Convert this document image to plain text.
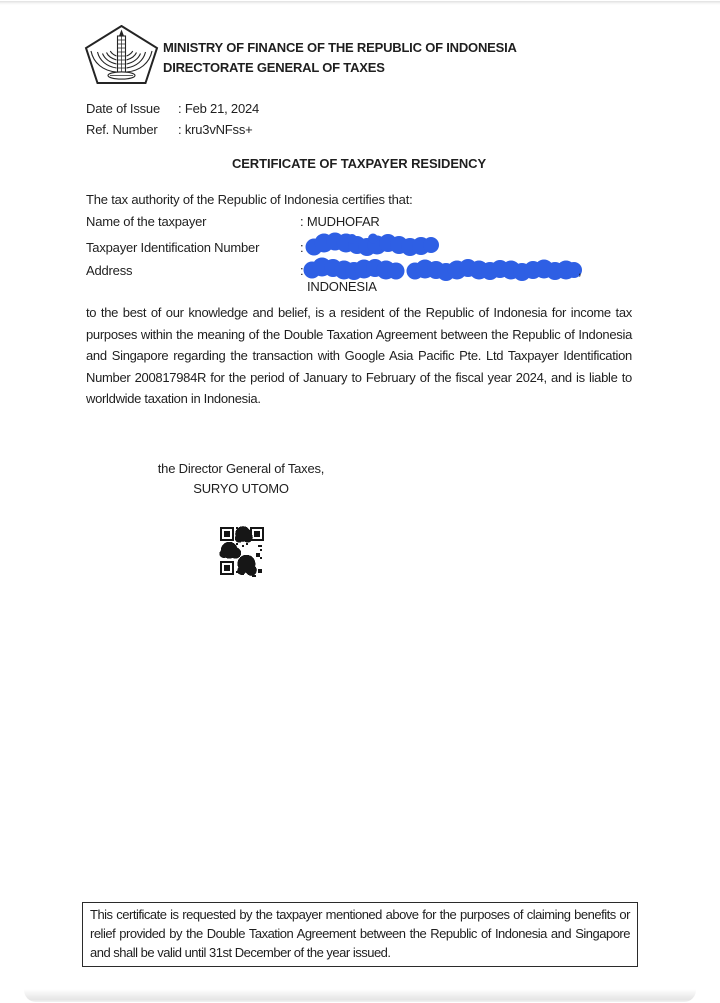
MINISTRY OF FINANCE OF THE REPUBLIC OF INDONESIA
DIRECTORATE GENERAL OF TAXES
Date of Issue	: Feb 21, 2024
Ref. Number	: kru3vNFss+
CERTIFICATE OF TAXPAYER RESIDENCY
The tax authority of the Republic of Indonesia certifies that:
Name of the taxpayer	: MUDHOFAR
Taxpayer Identification Number	:
Address	:	,
INDONESIA
to the best of our knowledge and belief, is a resident of the Republic of Indonesia for income tax purposes within the meaning of the Double Taxation Agreement between the Republic of Indonesia and Singapore regarding the transaction with Google Asia Pacific Pte. Ltd Taxpayer Identification Number 200817984R for the period of January to February of the fiscal year 2024, and is liable to worldwide taxation in Indonesia.
the Director General of Taxes,
SURYO UTOMO
This certificate is requested by the taxpayer mentioned above for the purposes of claiming benefits or relief provided by the Double Taxation Agreement between the Republic of Indonesia and Singapore and shall be valid until 31st December of the year issued.
